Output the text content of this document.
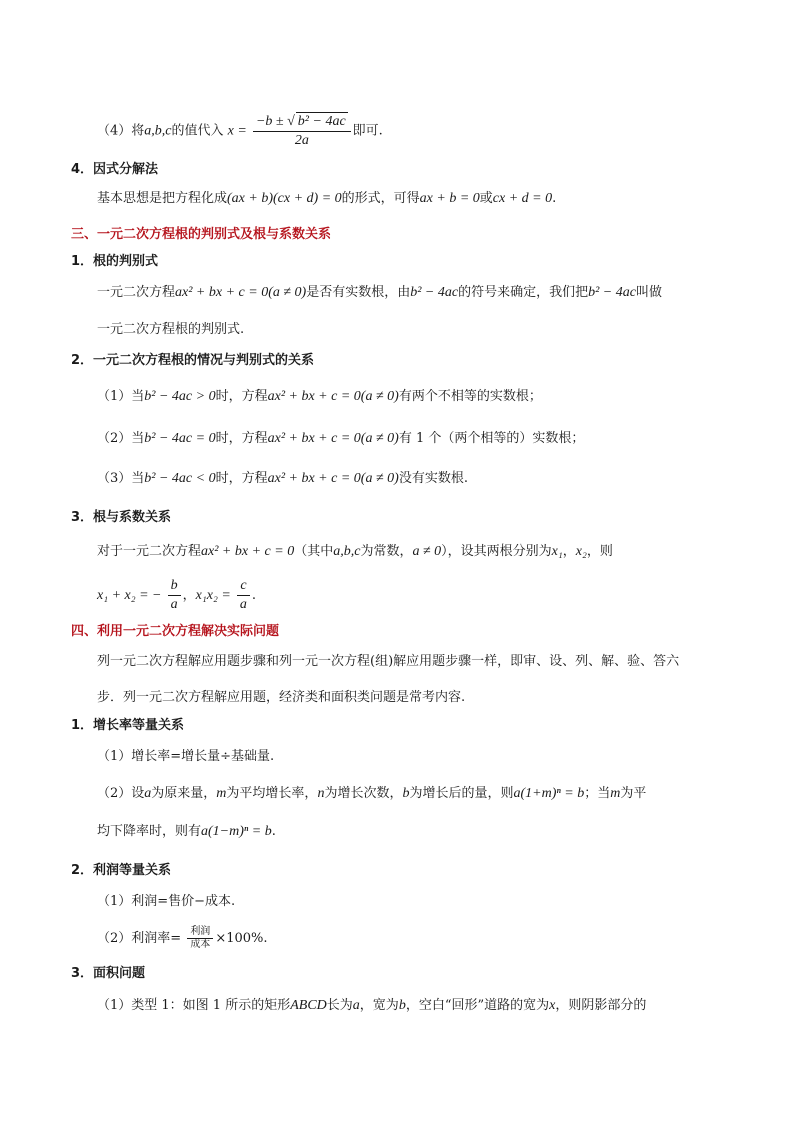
（4）将a,b,c的值代入 $x = \frac{\text{−b ± √ b² − 4ac}}{2a}$ 即可.
4．因式分解法
基本思想是把方程化成(ax + b)(cx + d) = 0的形式，可得ax + b = 0或cx + d = 0.
三、一元二次方程根的判别式及根与系数关系
1．根的判别式
一元二次方程ax² + bx + c = 0(a ≠ 0)是否有实数根，由b² − 4ac的符号来确定，我们把b² − 4ac叫做
一元二次方程根的判别式.
2．一元二次方程根的情况与判别式的关系
（1）当b² − 4ac > 0时，方程ax² + bx + c = 0(a ≠ 0)有两个不相等的实数根；
（2）当b² − 4ac = 0时，方程ax² + bx + c = 0(a ≠ 0)有 1 个（两个相等的）实数根；
（3）当b² − 4ac < 0时，方程ax² + bx + c = 0(a ≠ 0)没有实数根.
3．根与系数关系
对于一元二次方程ax² + bx + c = 0（其中a,b,c为常数，a ≠ 0），设其两根分别为x₁，x₂，则
x₁ + x₂ = − $\frac{b}{a}$ ，$x_1x_2 = \frac{c}{a}$ .
四、利用一元二次方程解决实际问题
列一元二次方程解应用题步骤和列一元一次方程(组)解应用题步骤一样，即审、设、列、解、验、答六
步．列一元二次方程解应用题，经济类和面积类问题是常考内容.
1．增长率等量关系
（1）增长率=增长量÷基础量.
（2）设a为原来量，m为平均增长率，n为增长次数，b为增长后的量，则a(1+m)ⁿ = b；当m为平
均下降率时，则有a(1−m)ⁿ = b.
2．利润等量关系
（1）利润=售价−成本.
（2）利润率= $\frac{\text{利润}}{\text{成本}} \times 100\%$.
3．面积问题
（1）类型 1：如图 1 所示的矩形ABCD长为a，宽为b，空白“回形”道路的宽为x，则阴影部分的
